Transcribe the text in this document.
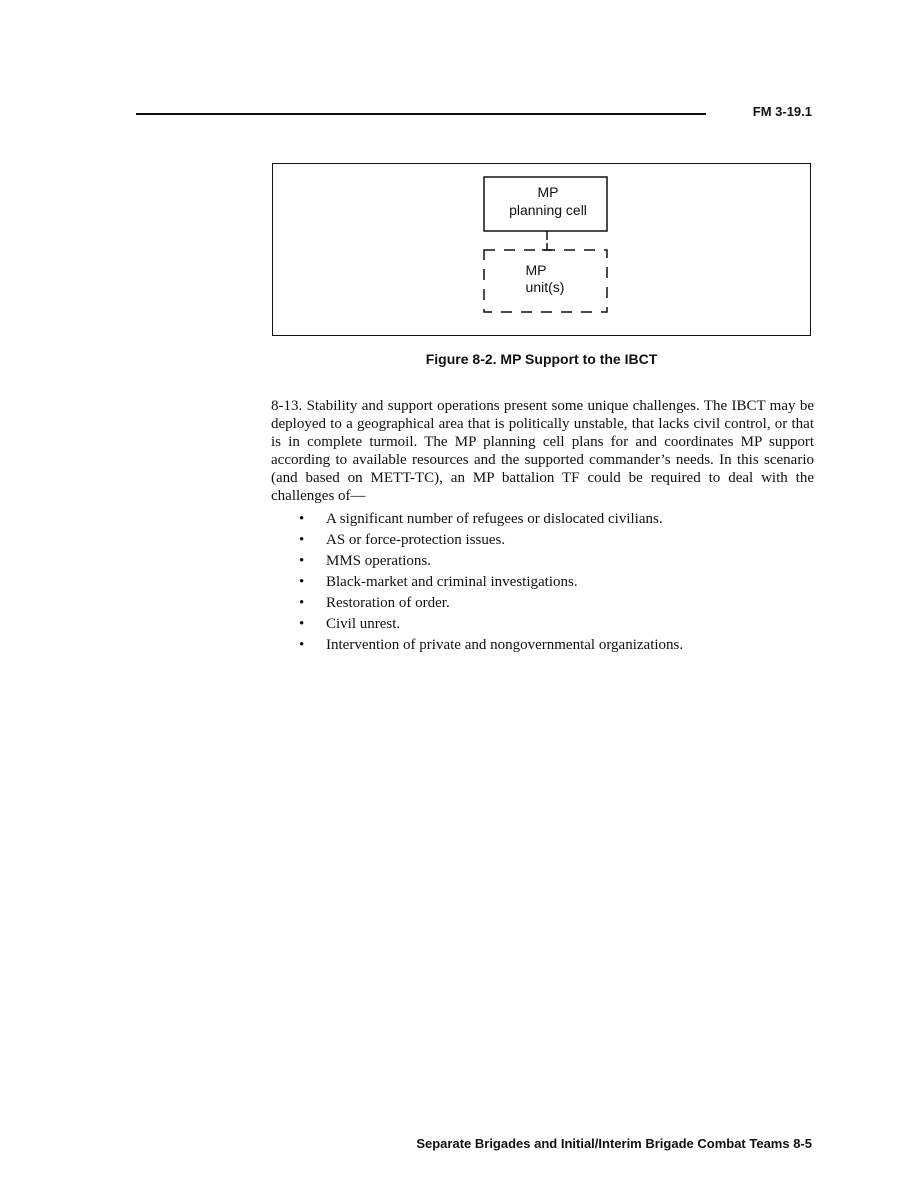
FM 3-19.1
MP
planning cell
MP
unit(s)
Figure 8-2. MP Support to the IBCT

8-13. Stability and support operations present some unique challenges. The IBCT may be deployed to a geographical area that is politically unstable, that lacks civil control, or that is in complete turmoil. The MP planning cell plans for and coordinates MP support according to available resources and the supported commander’s needs. In this scenario (and based on METT-TC), an MP battalion TF could be required to deal with the challenges of—

• A significant number of refugees or dislocated civilians.
• AS or force-protection issues.
• MMS operations.
• Black-market and criminal investigations.
• Restoration of order.
• Civil unrest.
• Intervention of private and nongovernmental organizations.
Separate Brigades and Initial/Interim Brigade Combat Teams 8-5
